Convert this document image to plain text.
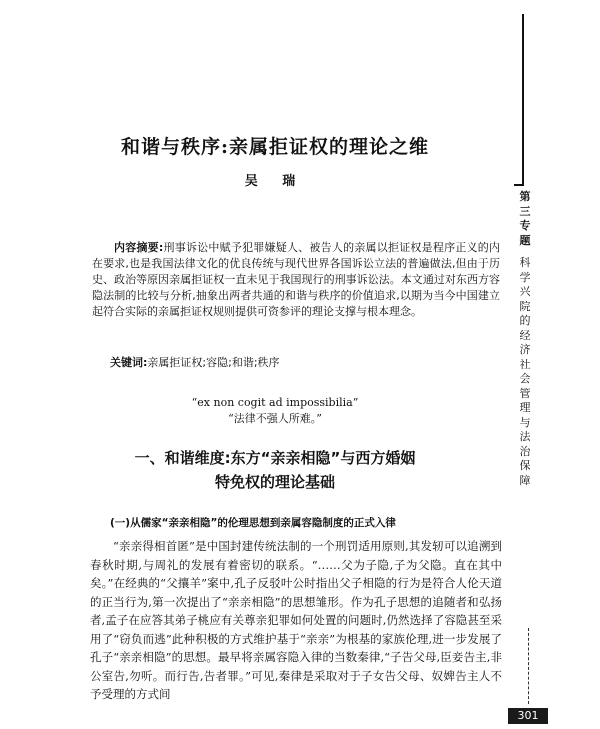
和谐与秩序:亲属拒证权的理论之维
吴 瑞

内容摘要:刑事诉讼中赋予犯罪嫌疑人、被告人的亲属以拒证权是程序正义的内在要求,也是我国法律文化的优良传统与现代世界各国诉讼立法的普遍做法,但由于历史、政治等原因亲属拒证权一直未见于我国现行的刑事诉讼法。本文通过对东西方容隐法制的比较与分析,抽象出两者共通的和谐与秩序的价值追求,以期为当今中国建立起符合实际的亲属拒证权规则提供可资参评的理论支撑与根本理念。

关键词:亲属拒证权;容隐;和谐;秩序
“ex non cogit ad impossibilia”
“法律不强人所难。”
一、和谐维度:东方“亲亲相隐”与西方婚姻
特免权的理论基础
(一)从儒家“亲亲相隐”的伦理思想到亲属容隐制度的正式入律

“亲亲得相首匿”是中国封建传统法制的一个刑罚适用原则,其发轫可以追溯到春秋时期,与周礼的发展有着密切的联系。“……父为子隐,子为父隐。直在其中矣。”在经典的“父攘羊”案中,孔子反驳叶公时指出父子相隐的行为是符合人伦天道的正当行为,第一次提出了“亲亲相隐”的思想雏形。作为孔子思想的追随者和弘扬者,孟子在应答其弟子桃应有关尊亲犯罪如何处置的问题时,仍然选择了容隐甚至采用了“窃负而逃”此种积极的方式维护基于“亲亲”为根基的家族伦理,进一步发展了孔子“亲亲相隐”的思想。最早将亲属容隐入律的当数秦律,“子告父母,臣妾告主,非公室告,勿听。而行告,告者罪。”可见,秦律是采取对于子女告父母、奴婢告主人不予受理的方式间

第
三
专
题
科
学
兴
院
的
经
济
社
会
管
理
与
法
治
保
障
301
